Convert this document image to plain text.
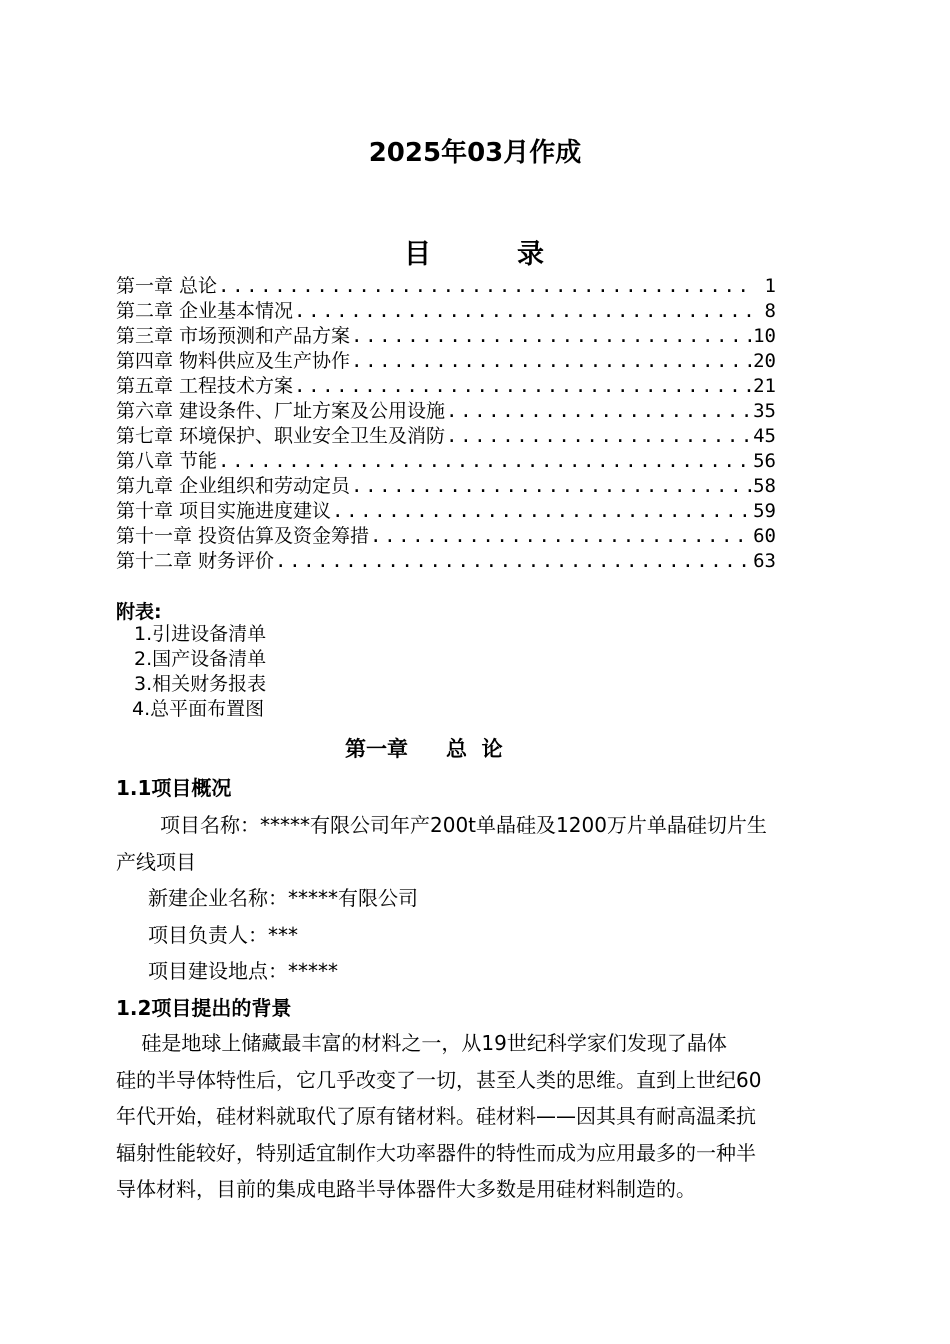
2025年03月作成
目	录
第一章 总论 .....	1
第二章 企业基本情况 .....	8
第三章 市场预测和产品方案 .....	10
第四章 物料供应及生产协作 .....	20
第五章 工程技术方案 .....	21
第六章 建设条件、厂址方案及公用设施 .....	35
第七章 环境保护、职业安全卫生及消防 .....	45
第八章 节能 .....	56
第九章 企业组织和劳动定员 .....	58
第十章 项目实施进度建议 .....	59
第十一章 投资估算及资金筹措 .....	60
第十二章 财务评价 .....	63
附表:
1.引进设备清单
2.国产设备清单
3.相关财务报表
4.总平面布置图
第一章 总  论
1.1项目概况
项目名称：*****有限公司年产200t单晶硅及1200万片单晶硅切片生
产线项目
新建企业名称：*****有限公司
项目负责人：***
项目建设地点：*****
1.2项目提出的背景
硅是地球上储藏最丰富的材料之一，从19世纪科学家们发现了晶体
硅的半导体特性后，它几乎改变了一切，甚至人类的思维。直到上世纪60
年代开始，硅材料就取代了原有锗材料。硅材料——因其具有耐高温柔抗
辐射性能较好，特别适宜制作大功率器件的特性而成为应用最多的一种半
导体材料，目前的集成电路半导体器件大多数是用硅材料制造的。
